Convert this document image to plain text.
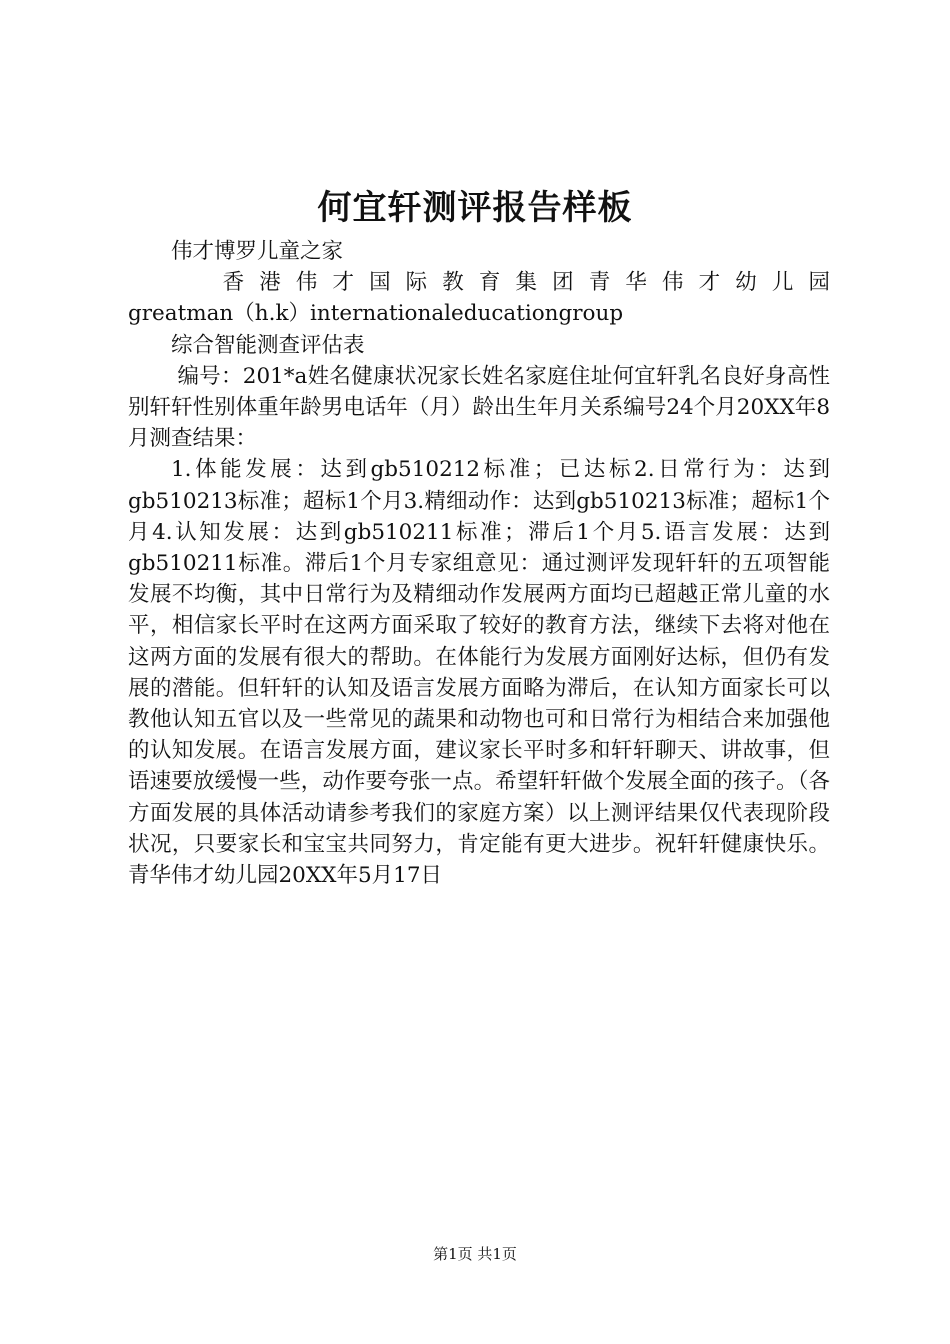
何宜轩测评报告样板

伟才博罗儿童之家

香港伟才国际教育集团青华伟才幼儿园
greatman（h.k）internationaleducationgroup

综合智能测查评估表

编号：201*a姓名健康状况家长姓名家庭住址何宜轩乳名良好身高性别轩轩性别体重年龄男电话年（月）龄出生年月关系编号24个月20XX年8月测查结果：

1.体能发展：达到gb510212标准；已达标2.日常行为：达到gb510213标准；超标1个月3.精细动作：达到gb510213标准；超标1个月4.认知发展：达到gb510211标准；滞后1个月5.语言发展：达到gb510211标准。滞后1个月专家组意见：通过测评发现轩轩的五项智能发展不均衡，其中日常行为及精细动作发展两方面均已超越正常儿童的水平，相信家长平时在这两方面采取了较好的教育方法，继续下去将对他在这两方面的发展有很大的帮助。在体能行为发展方面刚好达标，但仍有发展的潜能。但轩轩的认知及语言发展方面略为滞后，在认知方面家长可以教他认知五官以及一些常见的蔬果和动物也可和日常行为相结合来加强他的认知发展。在语言发展方面，建议家长平时多和轩轩聊天、讲故事，但语速要放缓慢一些，动作要夸张一点。希望轩轩做个发展全面的孩子。（各方面发展的具体活动请参考我们的家庭方案）以上测评结果仅代表现阶段状况，只要家长和宝宝共同努力，肯定能有更大进步。祝轩轩健康快乐。青华伟才幼儿园20XX年5月17日

第1页 共1页
